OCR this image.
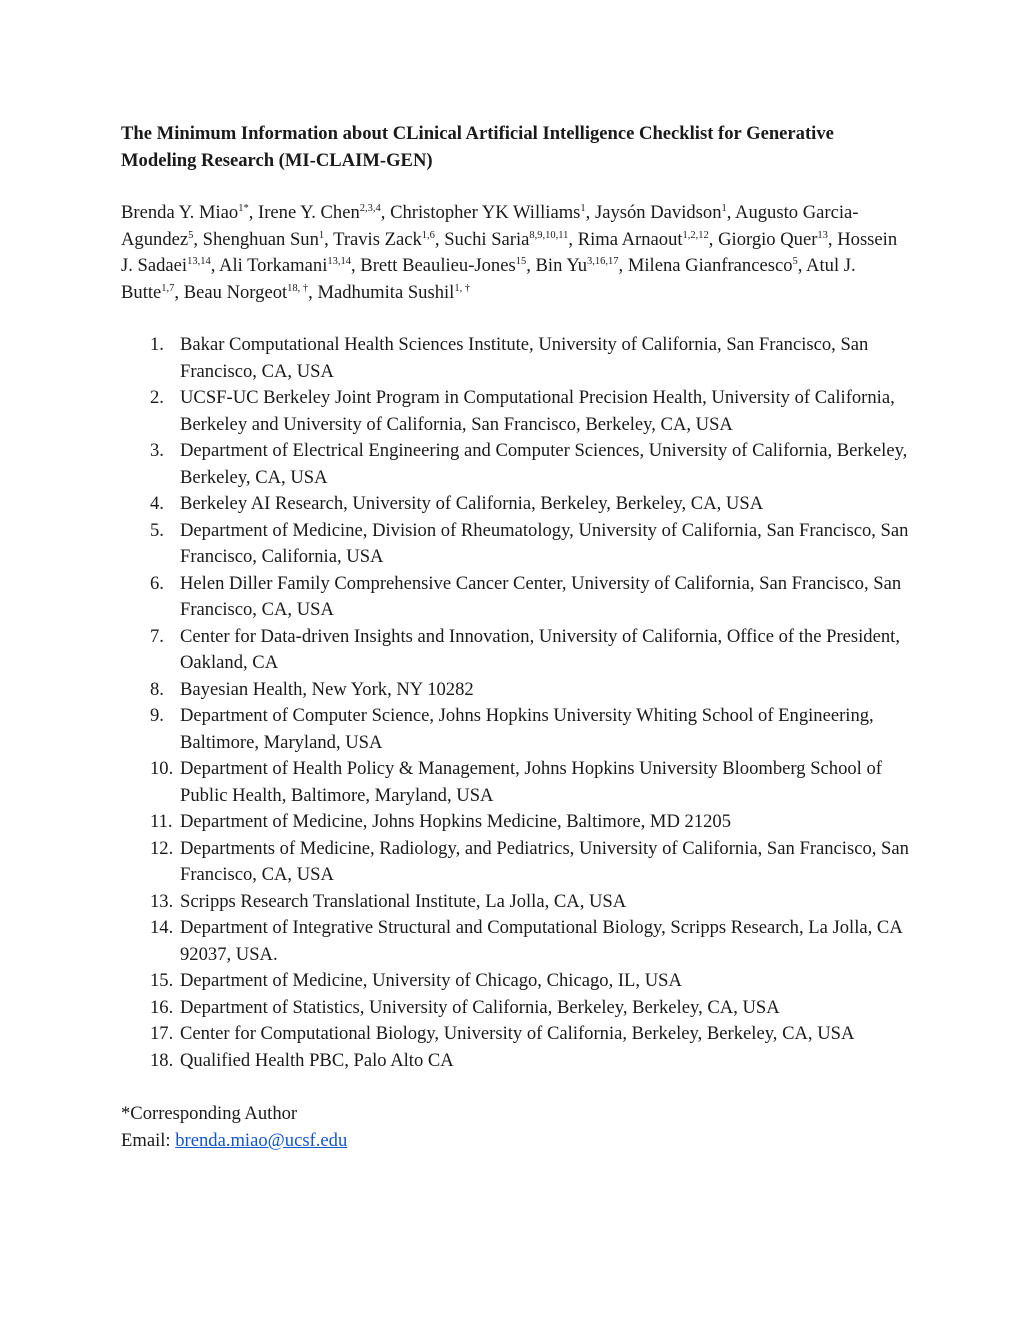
The Minimum Information about CLinical Artificial Intelligence Checklist for Generative Modeling Research (MI-CLAIM-GEN)
Brenda Y. Miao$^{1*}$, Irene Y. Chen$^{2,3,4}$, Christopher YK Williams$^1$, Jaysón Davidson$^1$, Augusto Garcia-Agundez$^5$, Shenghuan Sun$^1$, Travis Zack$^{1,6}$, Suchi Saria$^{8,9,10,11}$, Rima Arnaout$^{1,2,12}$, Giorgio Quer$^{13}$, Hossein J. Sadaei$^{13,14}$, Ali Torkamani$^{13,14}$, Brett Beaulieu-Jones$^{15}$, Bin Yu$^{3,16,17}$, Milena Gianfrancesco$^5$, Atul J. Butte$^{1,7}$, Beau Norgeot$^{18, \dagger}$, Madhumita Sushil$^{1, \dagger}$
1. Bakar Computational Health Sciences Institute, University of California, San Francisco, San Francisco, CA, USA
2. UCSF-UC Berkeley Joint Program in Computational Precision Health, University of California, Berkeley and University of California, San Francisco, Berkeley, CA, USA
3. Department of Electrical Engineering and Computer Sciences, University of California, Berkeley, Berkeley, CA, USA
4. Berkeley AI Research, University of California, Berkeley, Berkeley, CA, USA
5. Department of Medicine, Division of Rheumatology, University of California, San Francisco, San Francisco, California, USA
6. Helen Diller Family Comprehensive Cancer Center, University of California, San Francisco, San Francisco, CA, USA
7. Center for Data-driven Insights and Innovation, University of California, Office of the President, Oakland, CA
8. Bayesian Health, New York, NY 10282
9. Department of Computer Science, Johns Hopkins University Whiting School of Engineering, Baltimore, Maryland, USA
10. Department of Health Policy & Management, Johns Hopkins University Bloomberg School of Public Health, Baltimore, Maryland, USA
11. Department of Medicine, Johns Hopkins Medicine, Baltimore, MD 21205
12. Departments of Medicine, Radiology, and Pediatrics, University of California, San Francisco, San Francisco, CA, USA
13. Scripps Research Translational Institute, La Jolla, CA, USA
14. Department of Integrative Structural and Computational Biology, Scripps Research, La Jolla, CA 92037, USA.
15. Department of Medicine, University of Chicago, Chicago, IL, USA
16. Department of Statistics, University of California, Berkeley, Berkeley, CA, USA
17. Center for Computational Biology, University of California, Berkeley, Berkeley, CA, USA
18. Qualified Health PBC, Palo Alto CA
*Corresponding Author
Email: brenda.miao@ucsf.edu
